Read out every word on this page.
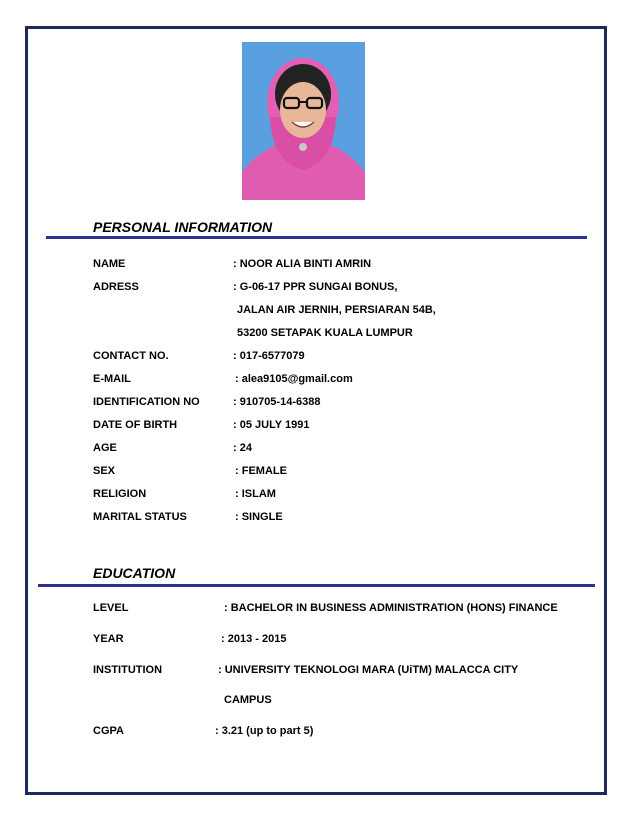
PERSONAL INFORMATION
NAME	: NOOR ALIA BINTI AMRIN
ADRESS	: G-06-17 PPR SUNGAI BONUS,
JALAN AIR JERNIH, PERSIARAN 54B,
53200 SETAPAK KUALA LUMPUR
CONTACT NO.	: 017-6577079
E-MAIL	: alea9105@gmail.com
IDENTIFICATION NO	: 910705-14-6388
DATE OF BIRTH	: 05 JULY 1991
AGE	: 24
SEX	: FEMALE
RELIGION	: ISLAM
MARITAL STATUS	: SINGLE
EDUCATION
LEVEL	: BACHELOR IN BUSINESS ADMINISTRATION (HONS) FINANCE
YEAR	: 2013 - 2015
INSTITUTION	: UNIVERSITY TEKNOLOGI MARA (UiTM) MALACCA CITY
CAMPUS
CGPA	: 3.21 (up to part 5)
